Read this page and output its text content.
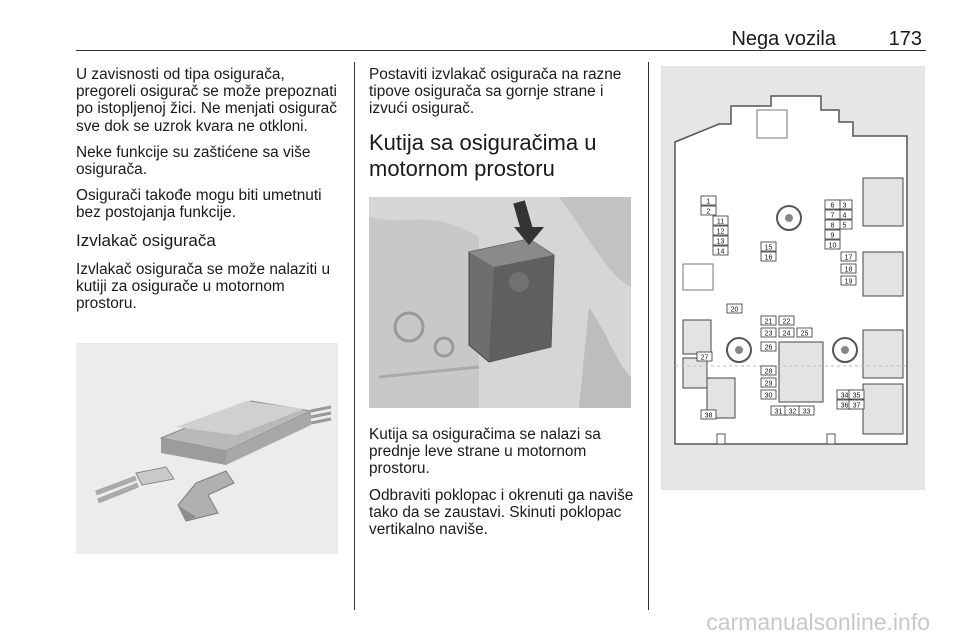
Nega vozila	173

U zavisnosti od tipa osigurača, pregoreli osigurač se može prepoznati po istopljenoj žici. Ne menjati osigurač sve dok se uzrok kvara ne otkloni.

Neke funkcije su zaštićene sa više osigurača.

Osigurači takođe mogu biti umetnuti bez postojanja funkcije.

Izvlakač osigurača

Izvlakač osigurača se može nalaziti u kutiji za osigurače u motornom prostoru.

Postaviti izvlakač osigurača na razne tipove osigurača sa gornje strane i izvući osigurač.

Kutija sa osiguračima u motornom prostoru

Kutija sa osiguračima se nalazi sa prednje leve strane u motornom prostoru.

Odbraviti poklopac i okrenuti ga naviše tako da se zaustavi. Skinuti poklopac vertikalno naviše.

1
2
3
4
5
6
7
8
9
10
11
12
13
14
15
16	17
18
19
20
21 22
23 24 25
26
27
28
29
30
31 32 33
34 35
36 37
38
carmanualsonline.info
